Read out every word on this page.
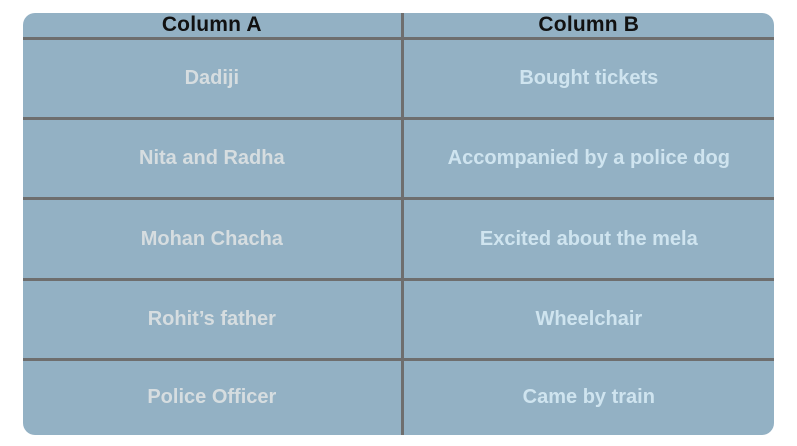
Column A	Column B
Dadiji	Bought tickets
Nita and Radha	Accompanied by a police dog
Mohan Chacha	Excited about the mela
Rohit’s father	Wheelchair
Police Officer	Came by train
